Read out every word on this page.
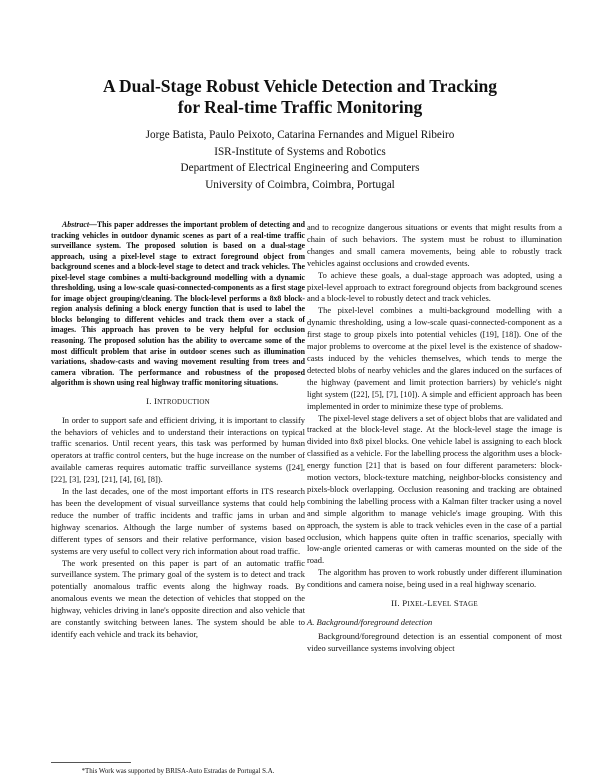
A Dual-Stage Robust Vehicle Detection and Tracking
for Real-time Traffic Monitoring
Jorge Batista, Paulo Peixoto, Catarina Fernandes and Miguel Ribeiro
ISR-Institute of Systems and Robotics
Department of Electrical Engineering and Computers
University of Coimbra, Coimbra, Portugal

Abstract—This paper addresses the important problem of detecting and tracking vehicles in outdoor dynamic scenes as part of a real-time traffic surveillance system. The proposed solution is based on a dual-stage approach, using a pixel-level stage to extract foreground object from background scenes and a block-level stage to detect and track vehicles. The pixel-level stage combines a multi-background modelling with a dynamic thresholding, using a low-scale quasi-connected-components as a first stage for image object grouping/cleaning. The block-level performs a 8x8 block-region analysis defining a block energy function that is used to label the blocks belonging to different vehicles and track them over a stack of images. This approach has proven to be very helpful for occlusion reasoning. The proposed solution has the ability to overcame some of the most difficult problem that arise in outdoor scenes such as illumination variations, shadow-casts and waving movement resulting from trees and camera vibration. The performance and robustness of the proposed algorithm is shown using real highway traffic monitoring situations.

I. INTRODUCTION

In order to support safe and efficient driving, it is important to classify the behaviors of vehicles and to understand their interactions on typical traffic scenarios. Until recent years, this task was performed by human operators at traffic control centers, but the huge increase on the number of available cameras requires automatic traffic surveillance systems ([24], [22], [3], [23], [21], [4], [6], [8]).

In the last decades, one of the most important efforts in ITS research has been the development of visual surveillance systems that could help reduce the number of traffic incidents and traffic jams in urban and highway scenarios. Although the large number of systems based on different types of sensors and their relative performance, vision based systems are very useful to collect very rich information about road traffic.

The work presented on this paper is part of an automatic traffic surveillance system. The primary goal of the system is to detect and track potentially anomalous traffic events along the highway roads. By anomalous events we mean the detection of vehicles that stopped on the highway, vehicles driving in lane's opposite direction and also vehicle that are constantly switching between lanes. The system should be able to identify each vehicle and track its behavior,

and to recognize dangerous situations or events that might results from a chain of such behaviors. The system must be robust to illumination changes and small camera movements, being able to robustly track vehicles against occlusions and crowded events.

To achieve these goals, a dual-stage approach was adopted, using a pixel-level approach to extract foreground objects from background scenes and a block-level to robustly detect and track vehicles.

The pixel-level combines a multi-background modelling with a dynamic thresholding, using a low-scale quasi-connected-component as a first stage to group pixels into potential vehicles ([19], [18]). One of the major problems to overcome at the pixel level is the existence of shadow-casts induced by the vehicles themselves, which tends to merge the detected blobs of nearby vehicles and the glares induced on the surfaces of the highway (pavement and limit protection barriers) by vehicle's night light system ([22], [5], [7], [10]). A simple and efficient approach has been implemented in order to minimize these type of problems.

The pixel-level stage delivers a set of object blobs that are validated and tracked at the block-level stage. At the block-level stage the image is divided into 8x8 pixel blocks. One vehicle label is assigning to each block classified as a vehicle. For the labelling process the algorithm uses a block-energy function [21] that is based on four different parameters: block-motion vectors, block-texture matching, neighbor-blocks consistency and pixels-block overlapping. Occlusion reasoning and tracking are obtained combining the labelling process with a Kalman filter tracker using a novel and simple algorithm to manage vehicle's image grouping. With this approach, the system is able to track vehicles even in the case of a partial occlusion, which happens quite often in traffic scenarios, specially with low-angle oriented cameras or with cameras mounted on the side of the road.

The algorithm has proven to work robustly under different illumination conditions and camera noise, being used in a real highway scenario.

II. PIXEL-LEVEL STAGE
A. Background/foreground detection

Background/foreground detection is an essential component of most video surveillance systems involving object

*This Work was supported by BRISA-Auto Estradas de Portugal S.A.
